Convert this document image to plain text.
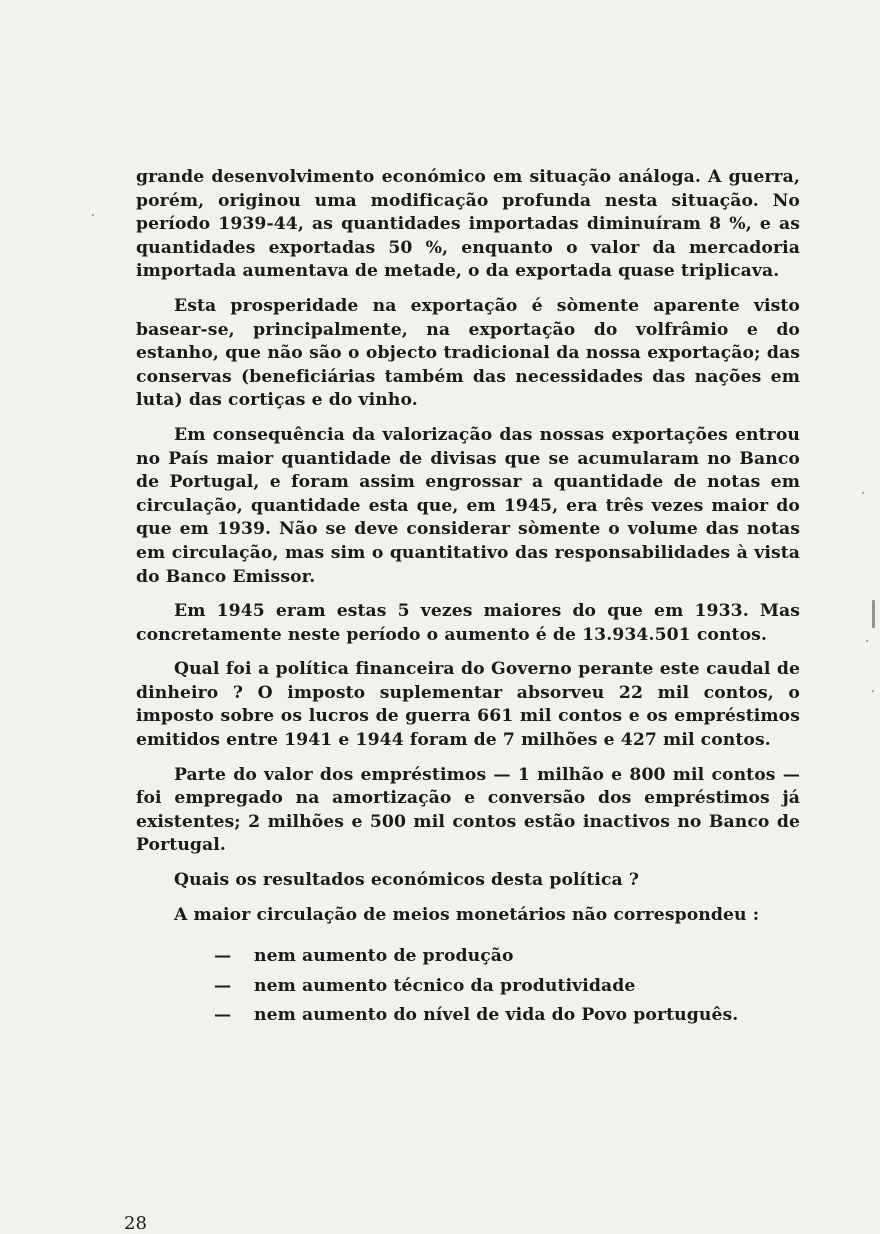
grande desenvolvimento económico em situação análoga. A guerra, porém, originou uma modificação profunda nesta situação. No período 1939-44, as quantidades importadas diminuíram 8 %, e as quantidades exportadas 50 %, enquanto o valor da mercadoria importada aumentava de metade, o da exportada quase triplicava.

Esta prosperidade na exportação é sòmente aparente visto basear-se, principalmente, na exportação do volfrâmio e do estanho, que não são o objecto tradicional da nossa exportação; das conservas (beneficiárias também das necessidades das nações em luta) das cortiças e do vinho.

Em consequência da valorização das nossas exportações entrou no País maior quantidade de divisas que se acumularam no Banco de Portugal, e foram assim engrossar a quantidade de notas em circulação, quantidade esta que, em 1945, era três vezes maior do que em 1939. Não se deve considerar sòmente o volume das notas em circulação, mas sim o quantitativo das responsabilidades à vista do Banco Emissor.

Em 1945 eram estas 5 vezes maiores do que em 1933. Mas concretamente neste período o aumento é de 13.934.501 contos.

Qual foi a política financeira do Governo perante este caudal de dinheiro ? O imposto suplementar absorveu 22 mil contos, o imposto sobre os lucros de guerra 661 mil contos e os empréstimos emitidos entre 1941 e 1944 foram de 7 milhões e 427 mil contos.

Parte do valor dos empréstimos — 1 milhão e 800 mil contos — foi empregado na amortização e conversão dos empréstimos já existentes; 2 milhões e 500 mil contos estão inactivos no Banco de Portugal.

Quais os resultados económicos desta política ?

A maior circulação de meios monetários não correspondeu :

— nem aumento de produção
— nem aumento técnico da produtividade
— nem aumento do nível de vida do Povo português.
28
